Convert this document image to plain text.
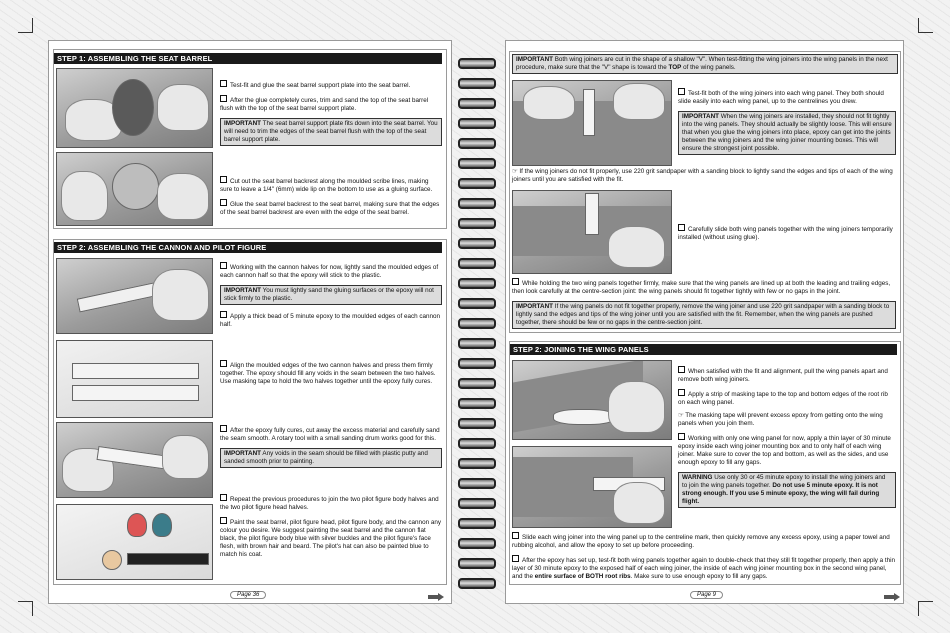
STEP 1: ASSEMBLING THE SEAT BARREL

Test-fit and glue the seat barrel support plate into the seat barrel.

After the glue completely cures, trim and sand the top of the seat barrel flush with the top of the seat barrel support plate.

IMPORTANT The seat barrel support plate fits down into the seat barrel. You will need to trim the edges of the seat barrel flush with the top of the seat barrel support plate.

Cut out the seat barrel backrest along the moulded scribe lines, making sure to leave a 1/4" (6mm) wide lip on the bottom to use as a gluing surface.

Glue the seat barrel backrest to the seat barrel, making sure that the edges of the seat barrel backrest are even with the edge of the seat barrel.

STEP 2: ASSEMBLING THE CANNON AND PILOT FIGURE

Working with the cannon halves for now, lightly sand the moulded edges of each cannon half so that the epoxy will stick to the plastic.

IMPORTANT You must lightly sand the gluing surfaces or the epoxy will not stick firmly to the plastic.

Apply a thick bead of 5 minute epoxy to the moulded edges of each cannon half.

Align the moulded edges of the two cannon halves and press them firmly together. The epoxy should fill any voids in the seam between the two halves. Use masking tape to hold the two halves together until the epoxy fully cures.

After the epoxy fully cures, cut away the excess material and carefully sand the seam smooth. A rotary tool with a small sanding drum works good for this.

IMPORTANT Any voids in the seam should be filled with plastic putty and sanded smooth prior to painting.

Repeat the previous procedures to join the two pilot figure body halves and the two pilot figure head halves.

Paint the seat barrel, pilot figure head, pilot figure body, and the cannon any colour you desire. We suggest painting the seat barrel and the cannon flat black, the pilot figure body blue with silver buckles and the pilot figure's face flesh, with brown hair and beard. The pilot's hat can also be painted blue to match his coat.

Page 36
IMPORTANT Both wing joiners are cut in the shape of a shallow "V". When test-fitting the wing joiners into the wing panels in the next procedure, make sure that the "V" shape is toward the TOP of the wing panels.

Test-fit both of the wing joiners into each wing panel. They both should slide easily into each wing panel, up to the centrelines you drew.

IMPORTANT When the wing joiners are installed, they should not fit tightly into the wing panels. They should actually be slightly loose. This will ensure that when you glue the wing joiners into place, epoxy can get into the joints between the wing joiners and the wing joiner mounting boxes. This will ensure the strongest joint possible.

☞ If the wing joiners do not fit properly, use 220 grit sandpaper with a sanding block to lightly sand the edges and tips of each of the wing joiners until you are satisfied with the fit.

Carefully slide both wing panels together with the wing joiners temporarily installed (without using glue).

While holding the two wing panels together firmly, make sure that the wing panels are lined up at both the leading and trailing edges, then look carefully at the centre-section joint: the wing panels should fit together tightly with few or no gaps in the joint.

IMPORTANT If the wing panels do not fit together properly, remove the wing joiner and use 220 grit sandpaper with a sanding block to lightly sand the edges and tips of the wing joiner until you are satisfied with the fit. Remember, when the wing panels are pushed together, there should be few or no gaps in the centre-section joint.
STEP 2: JOINING THE WING PANELS

When satisfied with the fit and alignment, pull the wing panels apart and remove both wing joiners.

Apply a strip of masking tape to the top and bottom edges of the root rib on each wing panel.

☞ The masking tape will prevent excess epoxy from getting onto the wing panels when you join them.

Working with only one wing panel for now, apply a thin layer of 30 minute epoxy inside each wing joiner mounting box and to only half of each wing joiner. Make sure to cover the top and bottom, as well as the sides, and use enough epoxy to fill any gaps.

WARNING Use only 30 or 45 minute epoxy to install the wing joiners and to join the wing panels together. Do not use 5 minute epoxy. It is not strong enough. If you use 5 minute epoxy, the wing will fail during flight.

Slide each wing joiner into the wing panel up to the centreline mark, then quickly remove any excess epoxy, using a paper towel and rubbing alcohol, and allow the epoxy to set up before proceeding.

After the epoxy has set up, test-fit both wing panels together again to double-check that they still fit together properly, then apply a thin layer of 30 minute epoxy to the exposed half of each wing joiner, the inside of each wing joiner mounting box in the second wing panel, and the entire surface of BOTH root ribs. Make sure to use enough epoxy to fill any gaps.

Page 9
